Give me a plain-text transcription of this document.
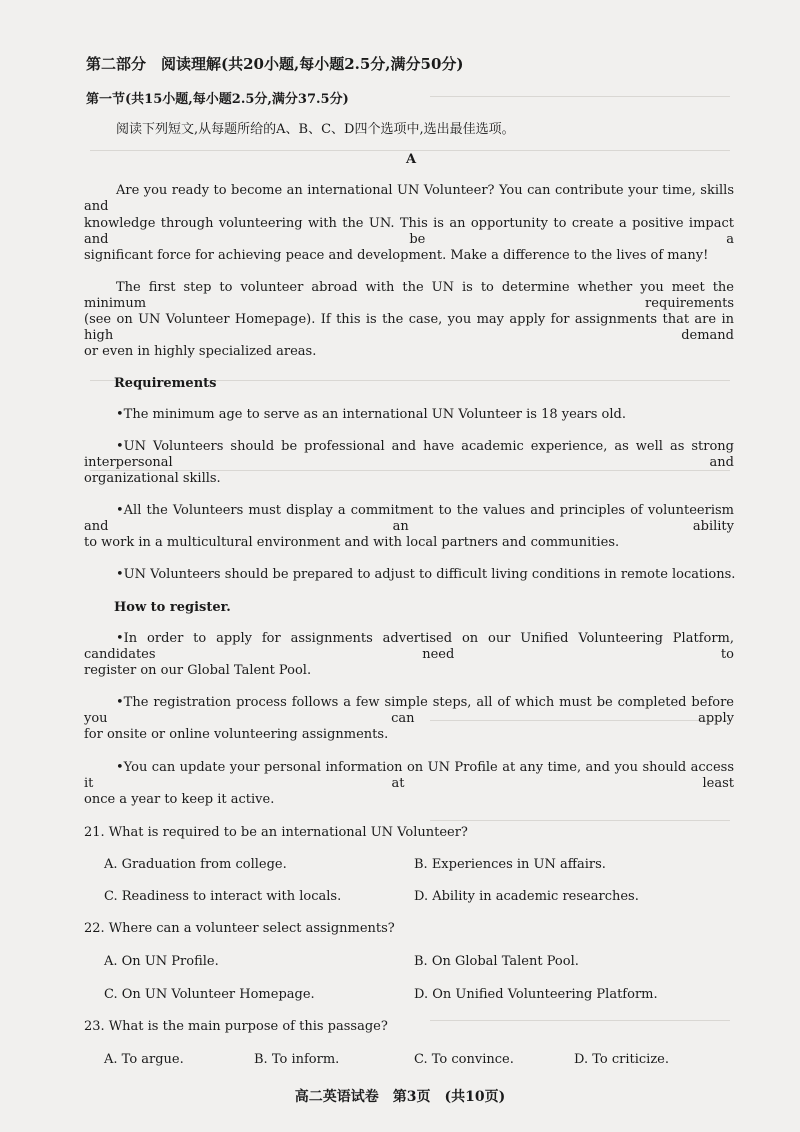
第二部分　阅读理解(共20小题,每小题2.5分,满分50分)
第一节(共15小题,每小题2.5分,满分37.5分)
阅读下列短文,从每题所给的A、B、C、D四个选项中,选出最佳选项。
A
Are you ready to become an international UN Volunteer? You can contribute your time, skills and
knowledge through volunteering with the UN. This is an opportunity to create a positive impact and be a
significant force for achieving peace and development. Make a difference to the lives of many!
The first step to volunteer abroad with the UN is to determine whether you meet the minimum requirements
(see on UN Volunteer Homepage). If this is the case, you may apply for assignments that are in high demand
or even in highly specialized areas.
Requirements
• The minimum age to serve as an international UN Volunteer is 18 years old.
• UN Volunteers should be professional and have academic experience, as well as strong interpersonal and
organizational skills.
• All the Volunteers must display a commitment to the values and principles of volunteerism and an ability
to work in a multicultural environment and with local partners and communities.
• UN Volunteers should be prepared to adjust to difficult living conditions in remote locations.
How to register.
• In order to apply for assignments advertised on our Unified Volunteering Platform, candidates need to
register on our Global Talent Pool.
• The registration process follows a few simple steps, all of which must be completed before you can apply
for onsite or online volunteering assignments.
• You can update your personal information on UN Profile at any time, and you should access it at least
once a year to keep it active.
21. What is required to be an international UN Volunteer?
A. Graduation from college.	B. Experiences in UN affairs.
C. Readiness to interact with locals.	D. Ability in academic researches.
22. Where can a volunteer select assignments?
A. On UN Profile.	B. On Global Talent Pool.
C. On UN Volunteer Homepage.	D. On Unified Volunteering Platform.
23. What is the main purpose of this passage?
A. To argue.	B. To inform.	C. To convince.	D. To criticize.
高二英语试卷　第3页　(共10页)
